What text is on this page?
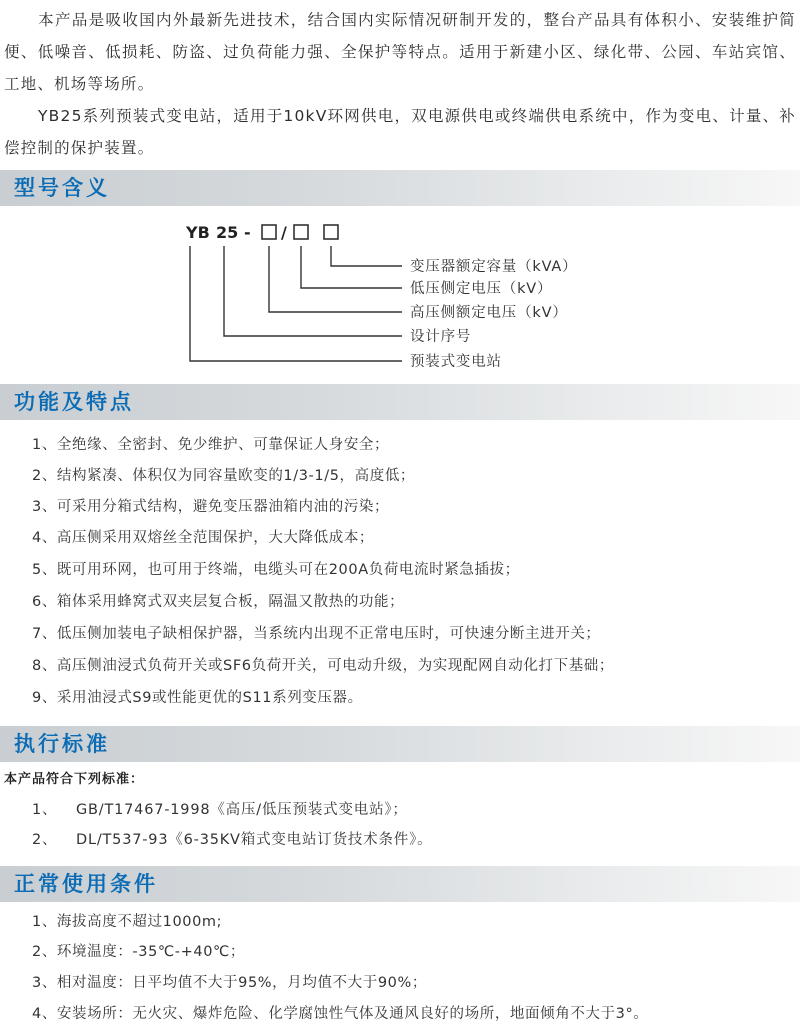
本产品是吸收国内外最新先进技术，结合国内实际情况研制开发的，整台产品具有体积小、安装维护简便、低噪音、低损耗、防盗、过负荷能力强、全保护等特点。适用于新建小区、绿化带、公园、车站宾馆、工地、机场等场所。

YB25系列预装式变电站，适用于10kV环网供电，双电源供电或终端供电系统中，作为变电、计量、补偿控制的保护装置。

型号含义
YB 25 - /
变压器额定容量（kVA）
低压侧定电压（kV）
高压侧额定电压（kV）
设计序号
预装式变电站
功能及特点
1、全绝缘、全密封、免少维护、可靠保证人身安全；
2、结构紧凑、体积仅为同容量欧变的1/3-1/5，高度低；
3、可采用分箱式结构，避免变压器油箱内油的污染；
4、高压侧采用双熔丝全范围保护，大大降低成本；
5、既可用环网，也可用于终端，电缆头可在200A负荷电流时紧急插拔；
6、箱体采用蜂窝式双夹层复合板，隔温又散热的功能；
7、低压侧加装电子缺相保护器，当系统内出现不正常电压时，可快速分断主进开关；
8、高压侧油浸式负荷开关或SF6负荷开关，可电动升级，为实现配网自动化打下基础；
9、采用油浸式S9或性能更优的S11系列变压器。
执行标准
本产品符合下列标准：
1、 GB/T17467-1998《高压/低压预装式变电站》；
2、 DL/T537-93《6-35KV箱式变电站订货技术条件》。
正常使用条件
1、海拔高度不超过1000m;
2、环境温度：-35℃-+40℃；
3、相对温度：日平均值不大于95%，月均值不大于90%；
4、安装场所：无火灾、爆炸危险、化学腐蚀性气体及通风良好的场所，地面倾角不大于3°。
